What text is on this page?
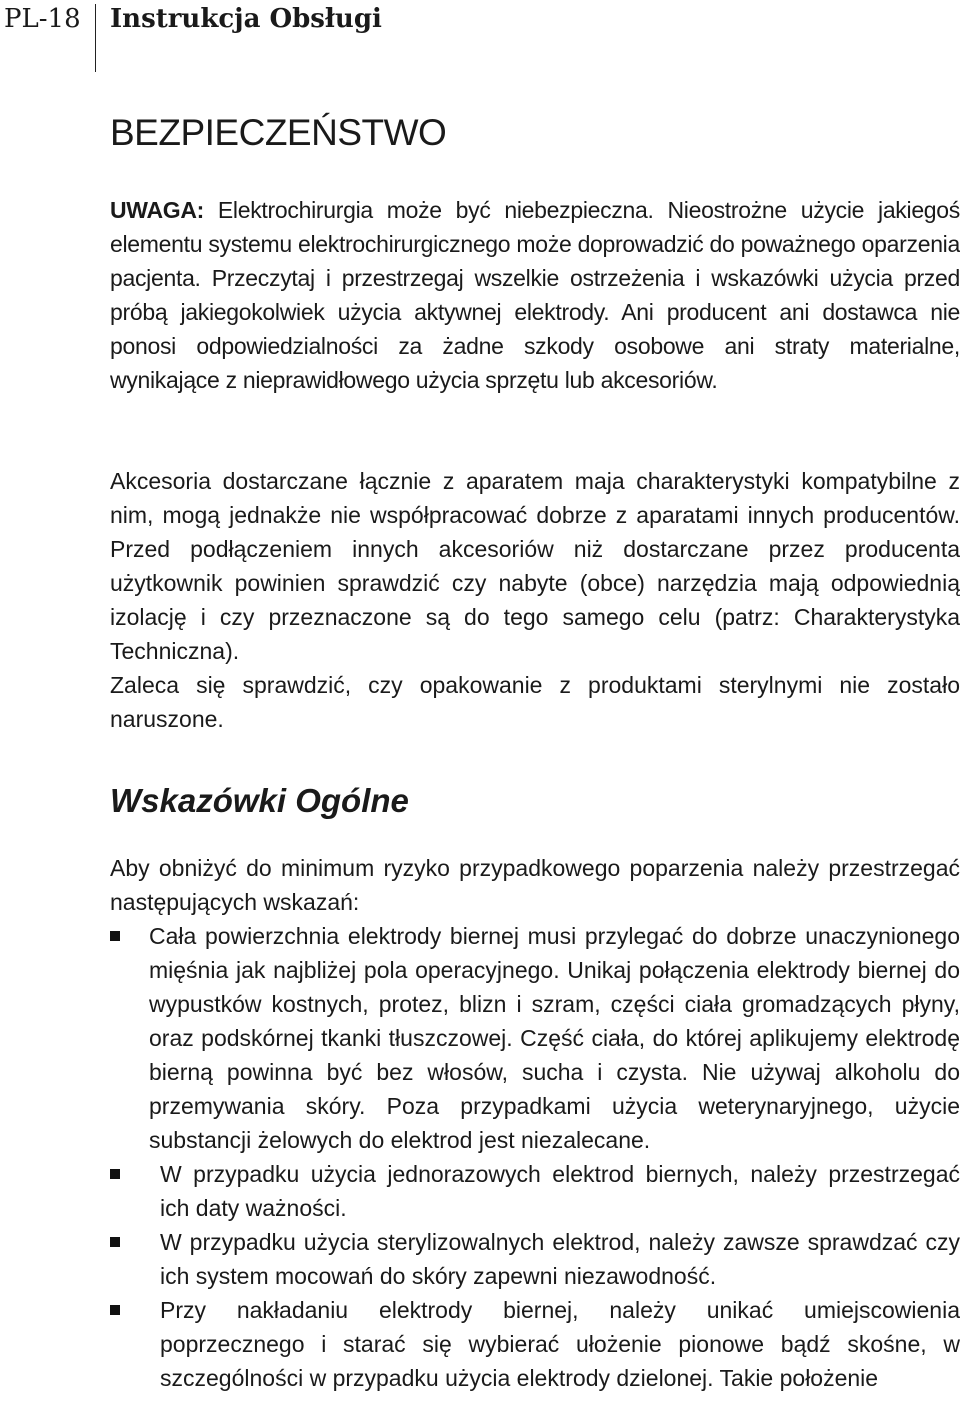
PL-18 Instrukcja Obsługi
BEZPIECZEŃSTWO

UWAGA: Elektrochirurgia może być niebezpieczna. Nieostrożne użycie jakiegoś elementu systemu elektrochirurgicznego może doprowadzić do poważnego oparzenia pacjenta. Przeczytaj i przestrzegaj wszelkie ostrzeżenia i wskazówki użycia przed próbą jakiegokolwiek użycia aktywnej elektrody. Ani producent ani dostawca nie ponosi odpowiedzialności za żadne szkody osobowe ani straty materialne, wynikające z nieprawidłowego użycia sprzętu lub akcesoriów.

Akcesoria dostarczane łącznie z aparatem maja charakterystyki kompatybilne z nim, mogą jednakże nie współpracować dobrze z aparatami innych producentów. Przed podłączeniem innych akcesoriów niż dostarczane przez producenta użytkownik powinien sprawdzić czy nabyte (obce) narzędzia mają odpowiednią izolację i czy przeznaczone są do tego samego celu (patrz: Charakterystyka Techniczna).

Zaleca się sprawdzić, czy opakowanie z produktami sterylnymi nie zostało naruszone.

Wskazówki Ogólne

Aby obniżyć do minimum ryzyko przypadkowego poparzenia należy przestrzegać następujących wskazań:

Cała powierzchnia elektrody biernej musi przylegać do dobrze unaczynionego mięśnia jak najbliżej pola operacyjnego. Unikaj połączenia elektrody biernej do wypustków kostnych, protez, blizn i szram, części ciała gromadzących płyny, oraz podskórnej tkanki tłuszczowej. Część ciała, do której aplikujemy elektrodę bierną powinna być bez włosów, sucha i czysta. Nie używaj alkoholu do przemywania skóry. Poza przypadkami użycia weterynaryjnego, użycie substancji żelowych do elektrod jest niezalecane.
W przypadku użycia jednorazowych elektrod biernych, należy przestrzegać ich daty ważności.
W przypadku użycia sterylizowalnych elektrod, należy zawsze sprawdzać czy ich system mocowań do skóry zapewni niezawodność.
Przy nakładaniu elektrody biernej, należy unikać umiejscowienia poprzecznego i starać się wybierać ułożenie pionowe bądź skośne, w szczególności w przypadku użycia elektrody dzielonej. Takie położenie
